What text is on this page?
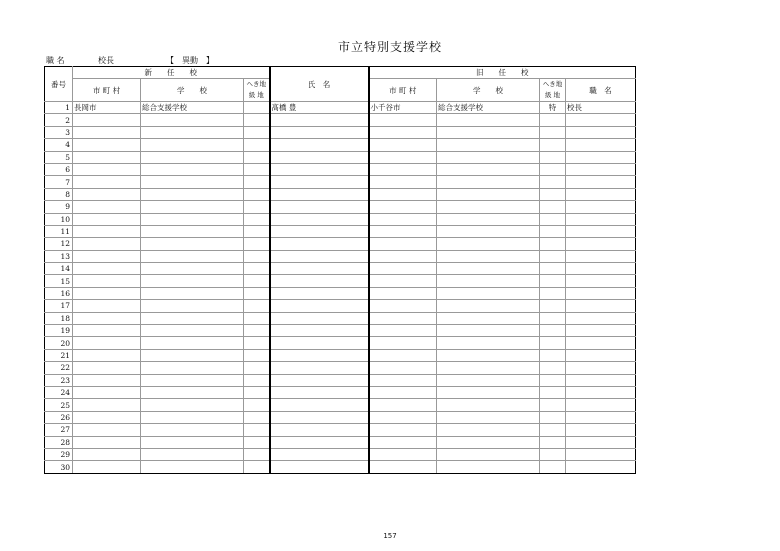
市立特別支援学校
職 名	校長	【　異動　】
番号	新　　任　　校			氏　名	旧　　任　　校			
	市 町 村	学　　校	へき地 級 地		市 町 村	学　　校	へき地 級 地	職　名
1	長岡市	総合支援学校		髙橋 豊	小千谷市	総合支援学校	特	校長
2								
3								
4								
5								
6								
7								
8								
9								
10								
11								
12								
13								
14								
15								
16								
17								
18								
19								
20								
21								
22								
23								
24								
25								
26								
27								
28								
29								
30								
157
